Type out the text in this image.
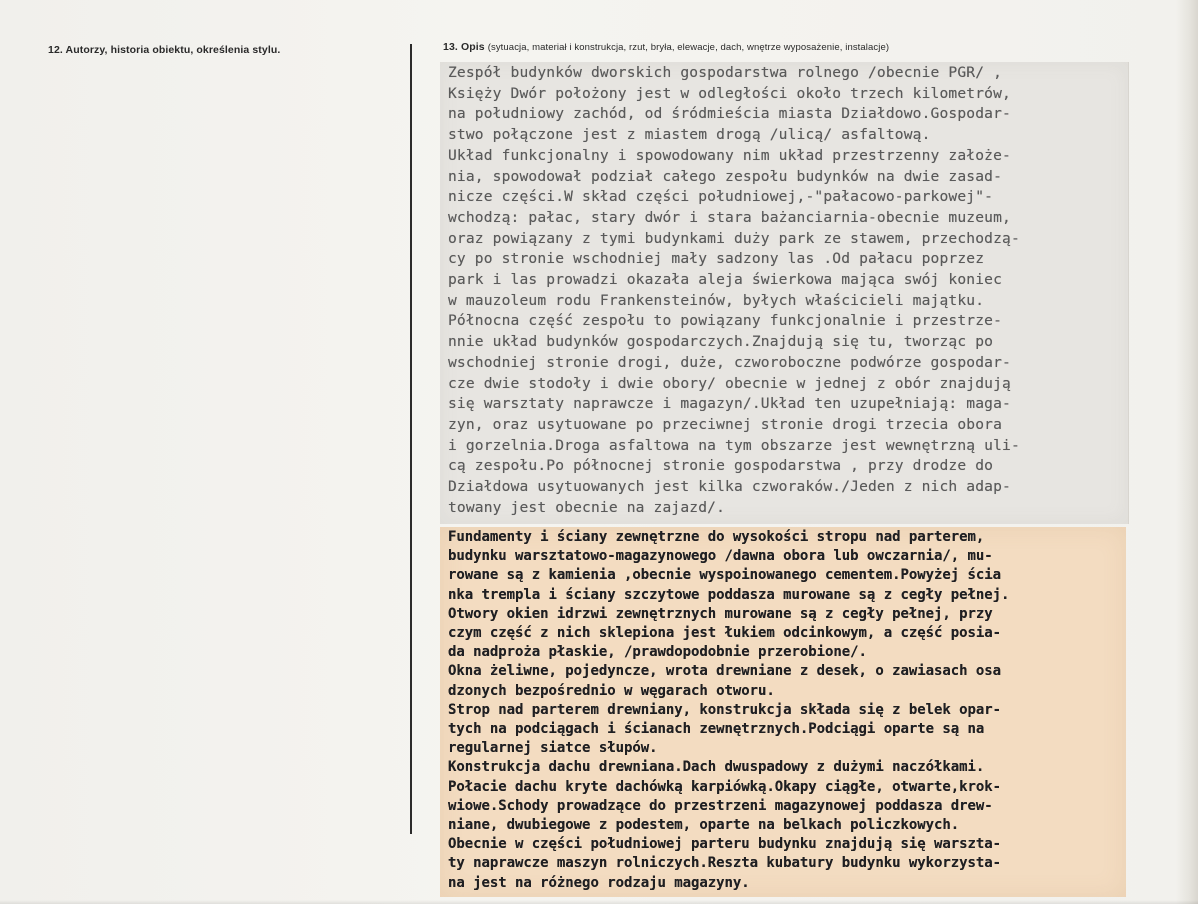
12. Autorzy, historia obiektu, określenia stylu.	13. Opis (sytuacja, materiał i konstrukcja, rzut, bryła, elewacje, dach, wnętrze wyposażenie, instalacje)
Zespół budynków dworskich gospodarstwa rolnego /obecnie PGR/ ,
Księży Dwór położony jest w odległości około trzech kilometrów,
na południowy zachód, od śródmieścia miasta Działdowo.Gospodar-
stwo połączone jest z miastem drogą /ulicą/ asfaltową.
Układ funkcjonalny i spowodowany nim układ przestrzenny założe-
nia, spowodował podział całego zespołu budynków na dwie zasad-
nicze części.W skład części południowej,-"pałacowo-parkowej"-
wchodzą: pałac, stary dwór i stara bażanciarnia-obecnie muzeum,
oraz powiązany z tymi budynkami duży park ze stawem, przechodzą-
cy po stronie wschodniej mały sadzony las .Od pałacu poprzez
park i las prowadzi okazała aleja świerkowa mająca swój koniec
w mauzoleum rodu Frankensteinów, byłych właścicieli majątku.
Północna część zespołu to powiązany funkcjonalnie i przestrze-
nnie układ budynków gospodarczych.Znajdują się tu, tworząc po
wschodniej stronie drogi, duże, czworoboczne podwórze gospodar-
cze dwie stodoły i dwie obory/ obecnie w jednej z obór znajdują
się warsztaty naprawcze i magazyn/.Układ ten uzupełniają: maga-
zyn, oraz usytuowane po przeciwnej stronie drogi trzecia obora
i gorzelnia.Droga asfaltowa na tym obszarze jest wewnętrzną uli-
cą zespołu.Po północnej stronie gospodarstwa , przy drodze do
Działdowa usytuowanych jest kilka czworaków./Jeden z nich adap-
towany jest obecnie na zajazd/.
Fundamenty i ściany zewnętrzne do wysokości stropu nad parterem,
budynku warsztatowo-magazynowego /dawna obora lub owczarnia/, mu-
rowane są z kamienia ,obecnie wyspoinowanego cementem.Powyżej ścia
nka trempla i ściany szczytowe poddasza murowane są z cegły pełnej.
Otwory okien idrzwi zewnętrznych murowane są z cegły pełnej, przy
czym część z nich sklepiona jest łukiem odcinkowym, a część posia-
da nadproża płaskie, /prawdopodobnie przerobione/.
Okna żeliwne, pojedyncze, wrota drewniane z desek, o zawiasach osa
dzonych bezpośrednio w węgarach otworu.
Strop nad parterem drewniany, konstrukcja składa się z belek opar-
tych na podciągach i ścianach zewnętrznych.Podciągi oparte są na
regularnej siatce słupów.
Konstrukcja dachu drewniana.Dach dwuspadowy z dużymi naczółkami.
Połacie dachu kryte dachówką karpiówką.Okapy ciągłe, otwarte,krok-
wiowe.Schody prowadzące do przestrzeni magazynowej poddasza drew-
niane, dwubiegowe z podestem, oparte na belkach policzkowych.
Obecnie w części południowej parteru budynku znajdują się warszta-
ty naprawcze maszyn rolniczych.Reszta kubatury budynku wykorzysta-
na jest na różnego rodzaju magazyny.
